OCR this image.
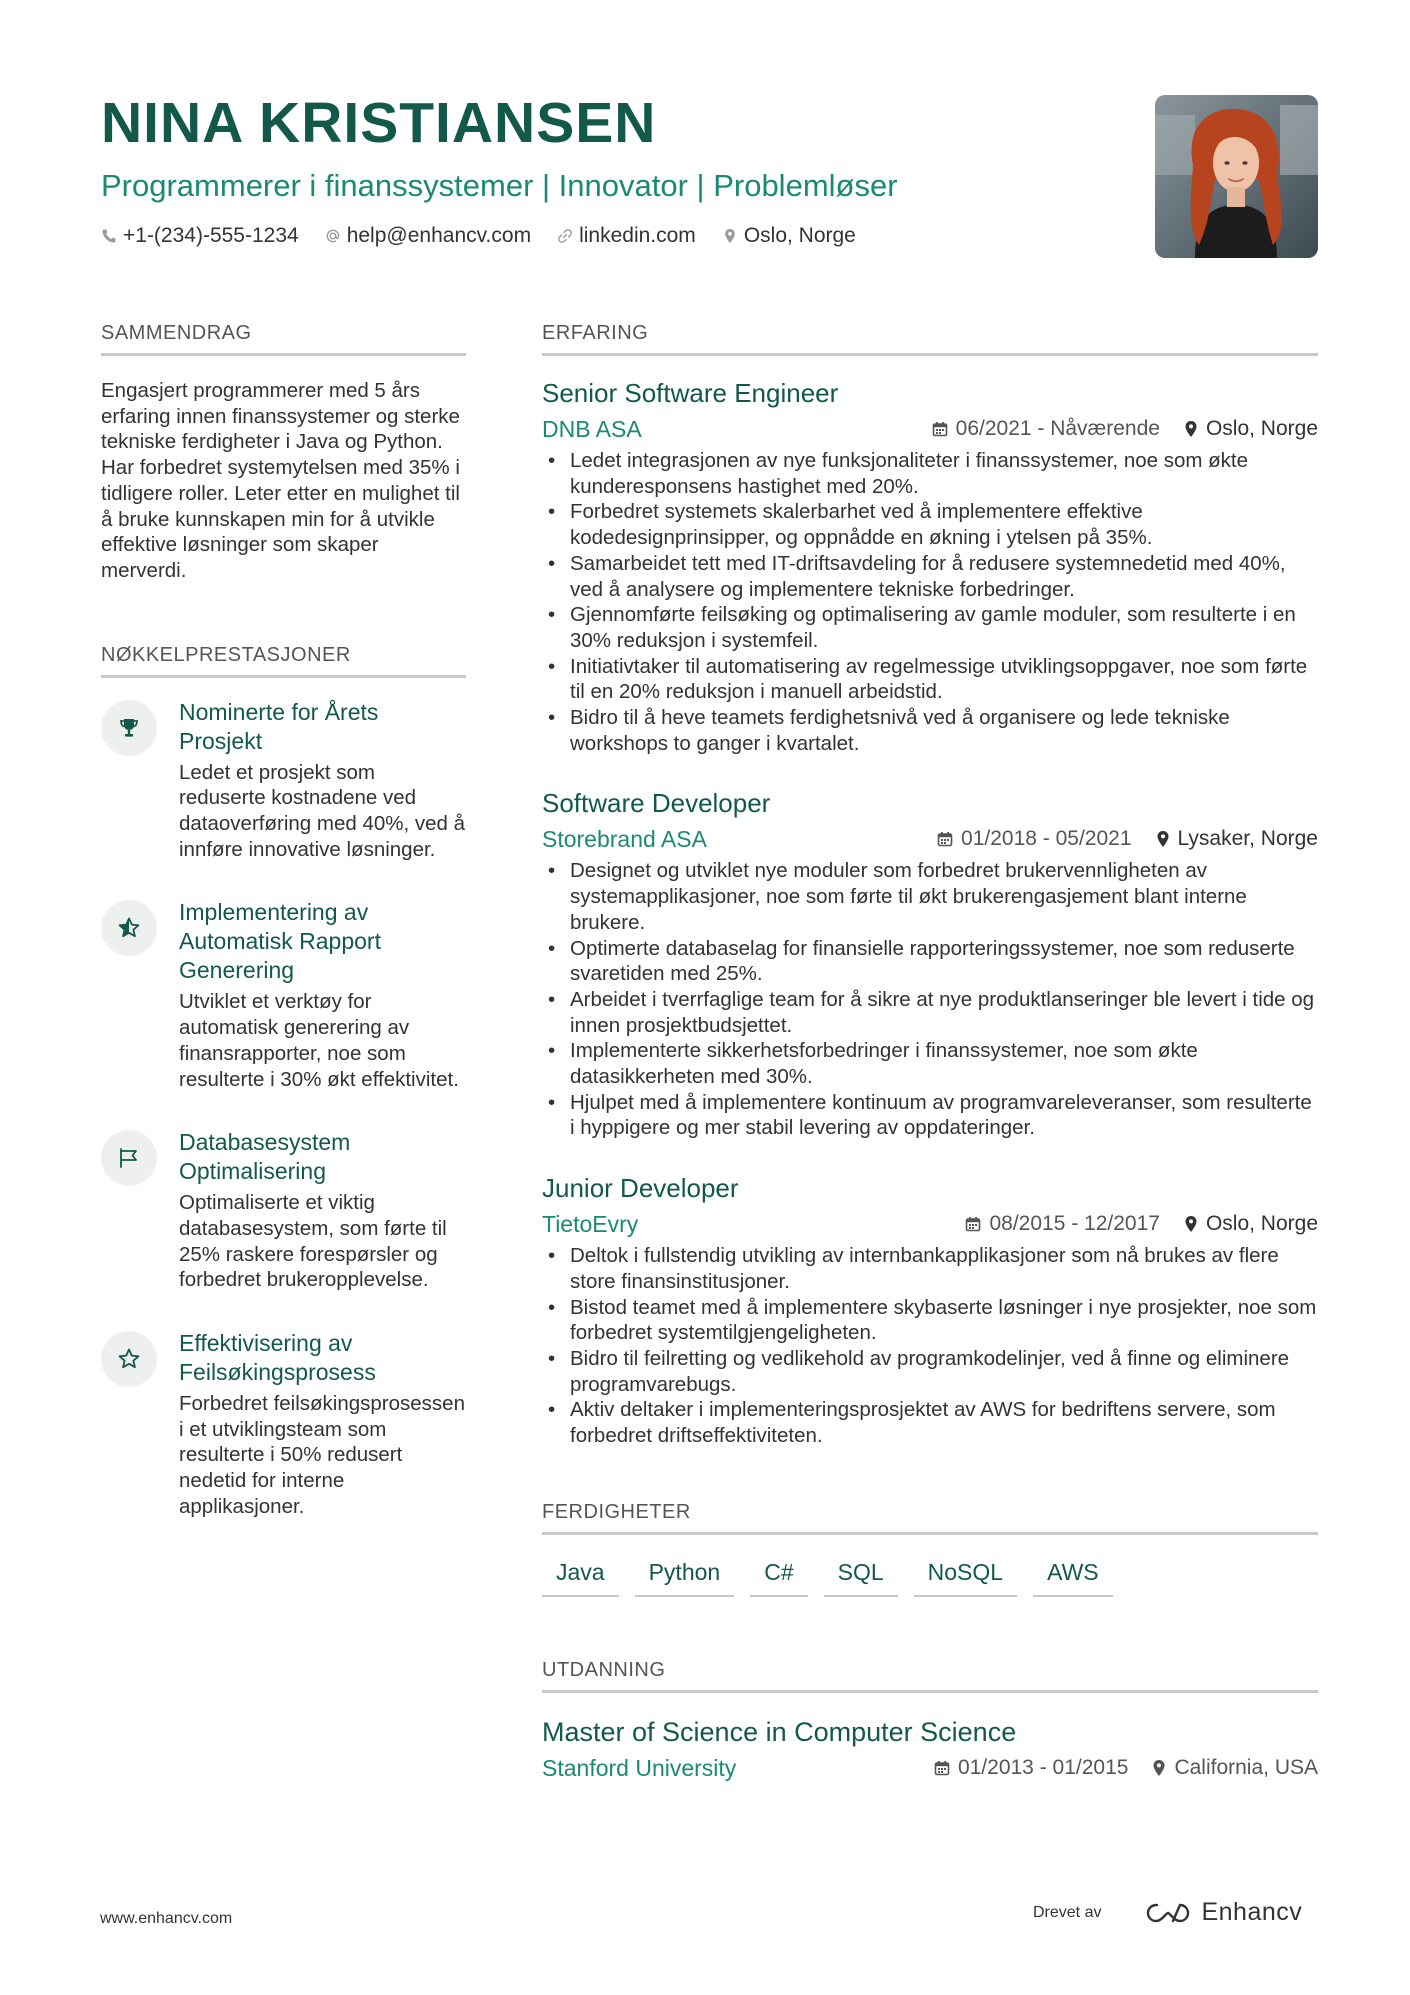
NINA KRISTIANSEN
Programmerer i finanssystemer | Innovator | Problemløser
+1-(234)-555-1234 help@enhancv.com linkedin.com Oslo, Norge
SAMMENDRAG

Engasjert programmerer med 5 års erfaring innen finanssystemer og sterke tekniske ferdigheter i Java og Python. Har forbedret systemytelsen med 35% i tidligere roller. Leter etter en mulighet til å bruke kunnskapen min for å utvikle effektive løsninger som skaper merverdi.

NØKKELPRESTASJONER
Nominerte for Årets Prosjekt
Ledet et prosjekt som reduserte kostnadene ved dataoverføring med 40%, ved å innføre innovative løsninger.
Implementering av Automatisk Rapport Generering
Utviklet et verktøy for automatisk generering av finansrapporter, noe som resulterte i 30% økt effektivitet.
Databasesystem Optimalisering
Optimaliserte et viktig databasesystem, som førte til 25% raskere forespørsler og forbedret brukeropplevelse.
Effektivisering av Feilsøkingsprosess
Forbedret feilsøkingsprosessen i et utviklingsteam som resulterte i 50% redusert nedetid for interne applikasjoner.
ERFARING
Senior Software Engineer
DNB ASA	06/2021 - Nåværende Oslo, Norge
• Ledet integrasjonen av nye funksjonaliteter i finanssystemer, noe som økte kunderesponsens hastighet med 20%.
• Forbedret systemets skalerbarhet ved å implementere effektive kodedesignprinsipper, og oppnådde en økning i ytelsen på 35%.
• Samarbeidet tett med IT-driftsavdeling for å redusere systemnedetid med 40%, ved å analysere og implementere tekniske forbedringer.
• Gjennomførte feilsøking og optimalisering av gamle moduler, som resulterte i en 30% reduksjon i systemfeil.
• Initiativtaker til automatisering av regelmessige utviklingsoppgaver, noe som førte til en 20% reduksjon i manuell arbeidstid.
• Bidro til å heve teamets ferdighetsnivå ved å organisere og lede tekniske workshops to ganger i kvartalet.
Software Developer
Storebrand ASA	01/2018 - 05/2021 Lysaker, Norge
• Designet og utviklet nye moduler som forbedret brukervennligheten av systemapplikasjoner, noe som førte til økt brukerengasjement blant interne brukere.
• Optimerte databaselag for finansielle rapporteringssystemer, noe som reduserte svaretiden med 25%.
• Arbeidet i tverrfaglige team for å sikre at nye produktlanseringer ble levert i tide og innen prosjektbudsjettet.
• Implementerte sikkerhetsforbedringer i finanssystemer, noe som økte datasikkerheten med 30%.
• Hjulpet med å implementere kontinuum av programvareleveranser, som resulterte i hyppigere og mer stabil levering av oppdateringer.
Junior Developer
TietoEvry	08/2015 - 12/2017 Oslo, Norge
• Deltok i fullstendig utvikling av internbankapplikasjoner som nå brukes av flere store finansinstitusjoner.
• Bistod teamet med å implementere skybaserte løsninger i nye prosjekter, noe som forbedret systemtilgjengeligheten.
• Bidro til feilretting og vedlikehold av programkodelinjer, ved å finne og eliminere programvarebugs.
• Aktiv deltaker i implementeringsprosjektet av AWS for bedriftens servere, som forbedret driftseffektiviteten.
FERDIGHETER
Java	Python	C#	SQL	NoSQL	AWS
UTDANNING
Master of Science in Computer Science
Stanford University	01/2013 - 01/2015 California, USA
www.enhancv.com	Drevet av	Enhancv
